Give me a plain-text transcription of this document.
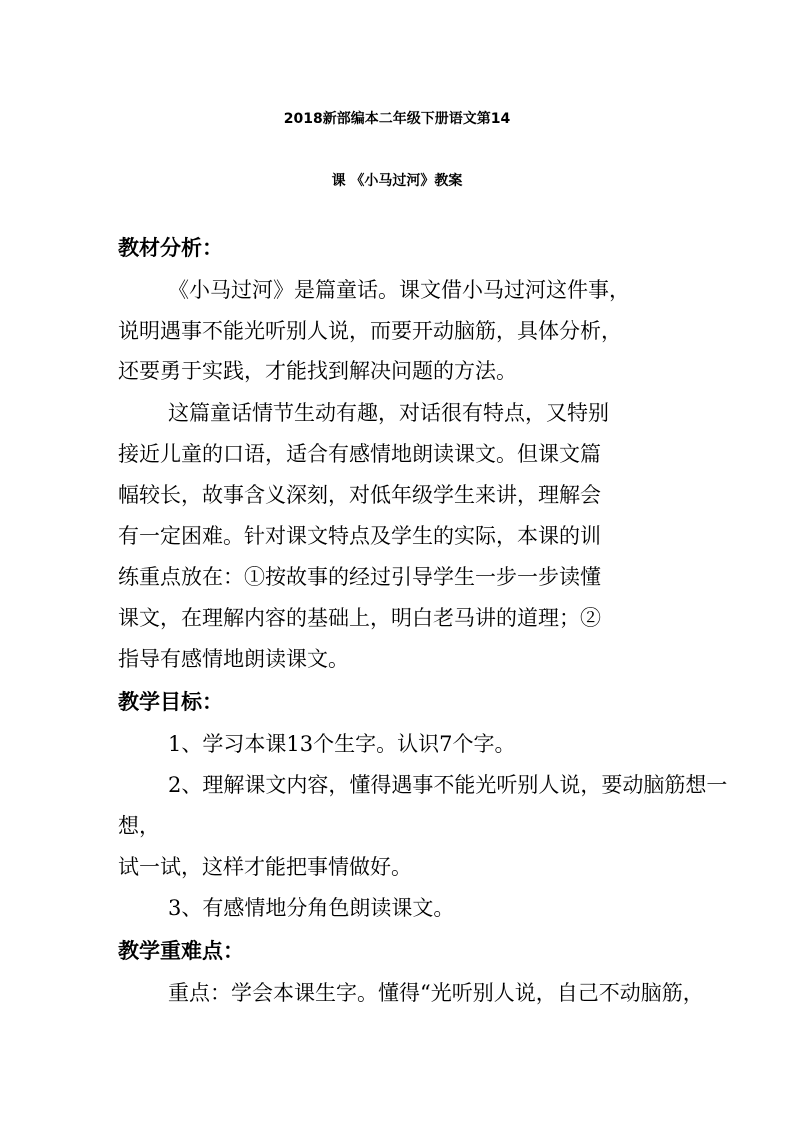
2018新部编本二年级下册语文第14
课 《小马过河》教案
教材分析：
《小马过河》是篇童话。课文借小马过河这件事，
说明遇事不能光听别人说，而要开动脑筋，具体分析，
还要勇于实践，才能找到解决问题的方法。
这篇童话情节生动有趣，对话很有特点，又特别
接近儿童的口语，适合有感情地朗读课文。但课文篇
幅较长，故事含义深刻，对低年级学生来讲，理解会
有一定困难。针对课文特点及学生的实际，本课的训
练重点放在：①按故事的经过引导学生一步一步读懂
课文，在理解内容的基础上，明白老马讲的道理；②
指导有感情地朗读课文。
教学目标：
1、学习本课13个生字。认识7个字。
2、理解课文内容，懂得遇事不能光听别人说，要动脑筋想一
想，
试一试，这样才能把事情做好。
3、有感情地分角色朗读课文。
教学重难点：
重点：学会本课生字。懂得“光听别人说，自己不动脑筋，
